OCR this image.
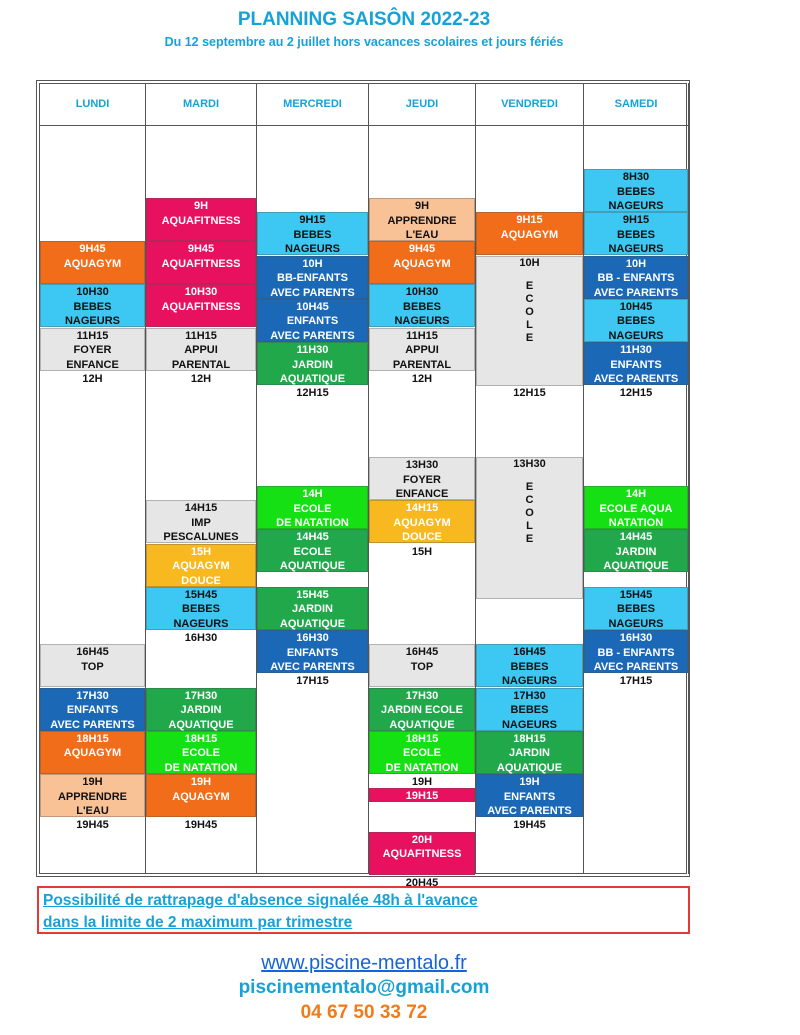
PLANNING SAISÔN 2022-23
Du 12 septembre au 2 juillet hors vacances scolaires et jours fériés
LUNDI
9H45
AQUAGYM
10H30
BEBES
NAGEURS
11H15
FOYER
ENFANCE
16H45
TOP
17H30
ENFANTS
AVEC PARENTS
18H15
AQUAGYM
19H
APPRENDRE
L'EAU
12H
19H45
MARDI
9H
AQUAFITNESS
9H45
AQUAFITNESS
10H30
AQUAFITNESS
11H15
APPUI
PARENTAL
14H15
IMP
PESCALUNES
15H
AQUAGYM
DOUCE
15H45
BEBES
NAGEURS
17H30
JARDIN
AQUATIQUE
18H15
ECOLE
DE NATATION
19H
AQUAGYM
12H
16H30
19H45
MERCREDI
9H15
BEBES
NAGEURS
10H
BB-ENFANTS
AVEC PARENTS
10H45
ENFANTS
AVEC PARENTS
11H30
JARDIN
AQUATIQUE
14H
ECOLE
DE NATATION
14H45
ECOLE
AQUATIQUE
15H45
JARDIN
AQUATIQUE
16H30
ENFANTS
AVEC PARENTS
12H15
17H15
JEUDI
9H
APPRENDRE
L'EAU
9H45
AQUAGYM
10H30
BEBES
NAGEURS
11H15
APPUI
PARENTAL
13H30
FOYER
ENFANCE
14H15
AQUAGYM
DOUCE
16H45
TOP
17H30
JARDIN ECOLE
AQUATIQUE
18H15
ECOLE
DE NATATION
19H15
AQUAFITNESS
20H
AQUAFITNESS
12H
15H
19H
20H45
VENDREDI
9H15
AQUAGYM
10H
E
C
O
L
E
13H30
E
C
O
L
E
16H45
BEBES
NAGEURS
17H30
BEBES
NAGEURS
18H15
JARDIN
AQUATIQUE
19H
ENFANTS
AVEC PARENTS
12H15
19H45
SAMEDI
8H30
BEBES
NAGEURS
9H15
BEBES
NAGEURS
10H
BB - ENFANTS
AVEC PARENTS
10H45
BEBES
NAGEURS
11H30
ENFANTS
AVEC PARENTS
14H
ECOLE AQUA
NATATION
14H45
JARDIN
AQUATIQUE
15H45
BEBES
NAGEURS
16H30
BB - ENFANTS
AVEC PARENTS
12H15
17H15
Possibilité de rattrapage d'absence signalée 48h à l'avance
dans la limite de 2 maximum par trimestre
www.piscine-mentalo.fr
piscinementalo@gmail.com
04 67 50 33 72
